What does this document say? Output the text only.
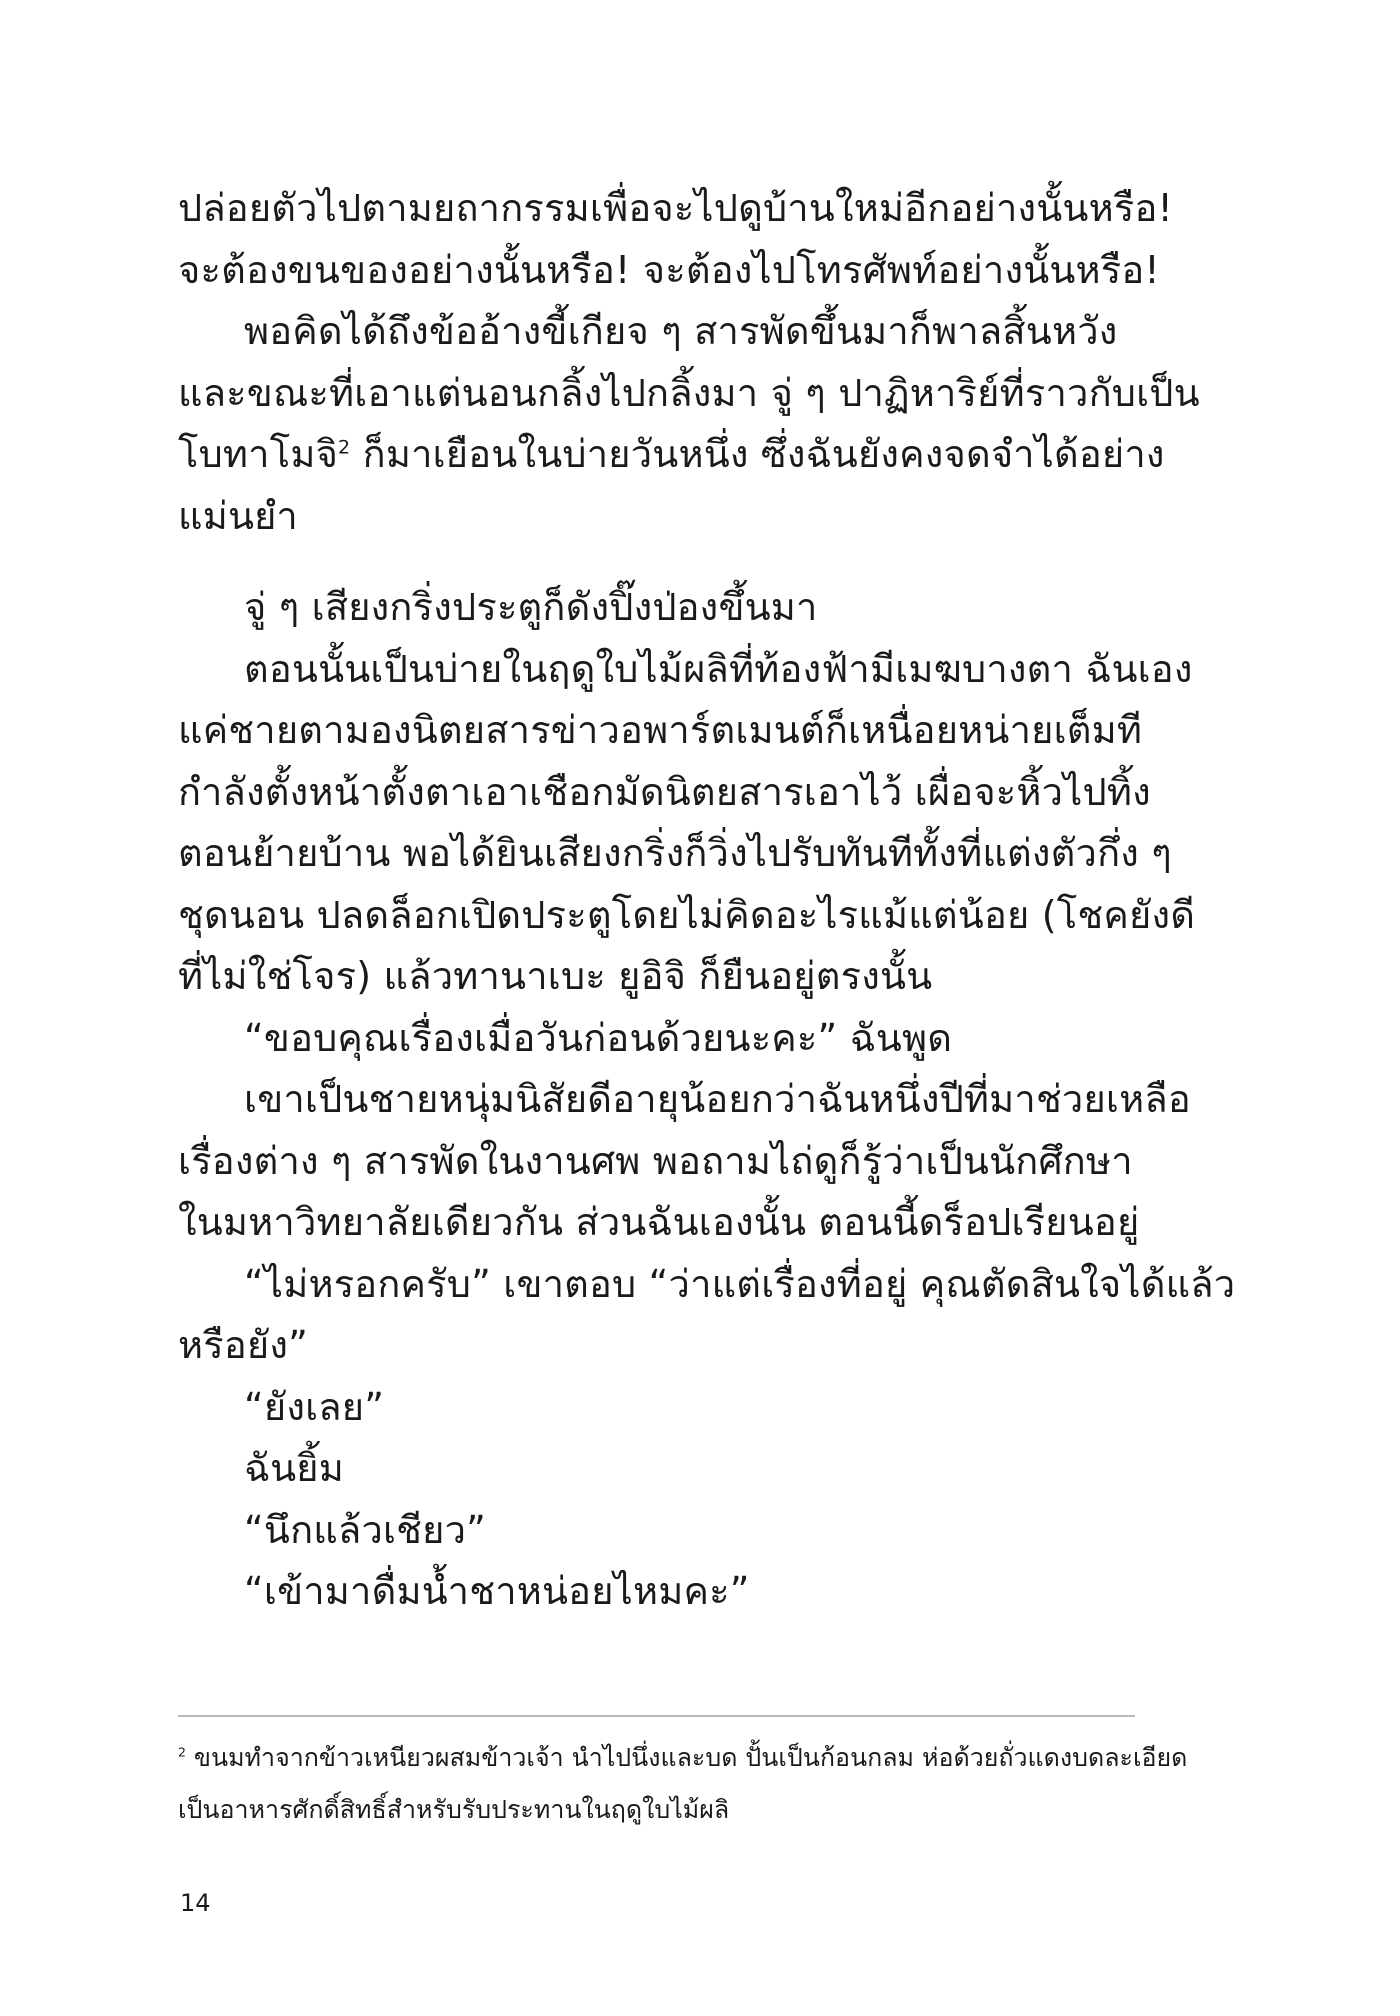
ปล่อยตัวไปตามยถากรรมเพื่อจะไปดูบ้านใหม่อีกอย่างนั้นหรือ!
จะต้องขนของอย่างนั้นหรือ! จะต้องไปโทรศัพท์อย่างนั้นหรือ!
พอคิดได้ถึงข้ออ้างขี้เกียจ ๆ สารพัดขึ้นมาก็พาลสิ้นหวัง
และขณะที่เอาแต่นอนกลิ้งไปกลิ้งมา จู่ ๆ ปาฏิหาริย์ที่ราวกับเป็น
โบทาโมจิ$^2$ ก็มาเยือนในบ่ายวันหนึ่ง ซึ่งฉันยังคงจดจำได้อย่าง
แม่นยำ
จู่ ๆ เสียงกริ่งประตูก็ดังปิ๊งป่องขึ้นมา
ตอนนั้นเป็นบ่ายในฤดูใบไม้ผลิที่ท้องฟ้ามีเมฆบางตา ฉันเอง
แค่ชายตามองนิตยสารข่าวอพาร์ตเมนต์ก็เหนื่อยหน่ายเต็มที
กำลังตั้งหน้าตั้งตาเอาเชือกมัดนิตยสารเอาไว้ เผื่อจะหิ้วไปทิ้ง
ตอนย้ายบ้าน พอได้ยินเสียงกริ่งก็วิ่งไปรับทันทีทั้งที่แต่งตัวกึ่ง ๆ
ชุดนอน ปลดล็อกเปิดประตูโดยไม่คิดอะไรแม้แต่น้อย (โชคยังดี
ที่ไม่ใช่โจร) แล้วทานาเบะ ยูอิจิ ก็ยืนอยู่ตรงนั้น
“ขอบคุณเรื่องเมื่อวันก่อนด้วยนะคะ” ฉันพูด
เขาเป็นชายหนุ่มนิสัยดีอายุน้อยกว่าฉันหนึ่งปีที่มาช่วยเหลือ
เรื่องต่าง ๆ สารพัดในงานศพ พอถามไถ่ดูก็รู้ว่าเป็นนักศึกษา
ในมหาวิทยาลัยเดียวกัน ส่วนฉันเองนั้น ตอนนี้ดร็อปเรียนอยู่
“ไม่หรอกครับ” เขาตอบ “ว่าแต่เรื่องที่อยู่ คุณตัดสินใจได้แล้ว
หรือยัง”
“ยังเลย”
ฉันยิ้ม
“นึกแล้วเชียว”
“เข้ามาดื่มน้ำชาหน่อยไหมคะ”
$^2$ ขนมทำจากข้าวเหนียวผสมข้าวเจ้า นำไปนึ่งและบด ปั้นเป็นก้อนกลม ห่อด้วยถั่วแดงบดละเอียด
เป็นอาหารศักดิ์สิทธิ์สำหรับรับประทานในฤดูใบไม้ผลิ
14
